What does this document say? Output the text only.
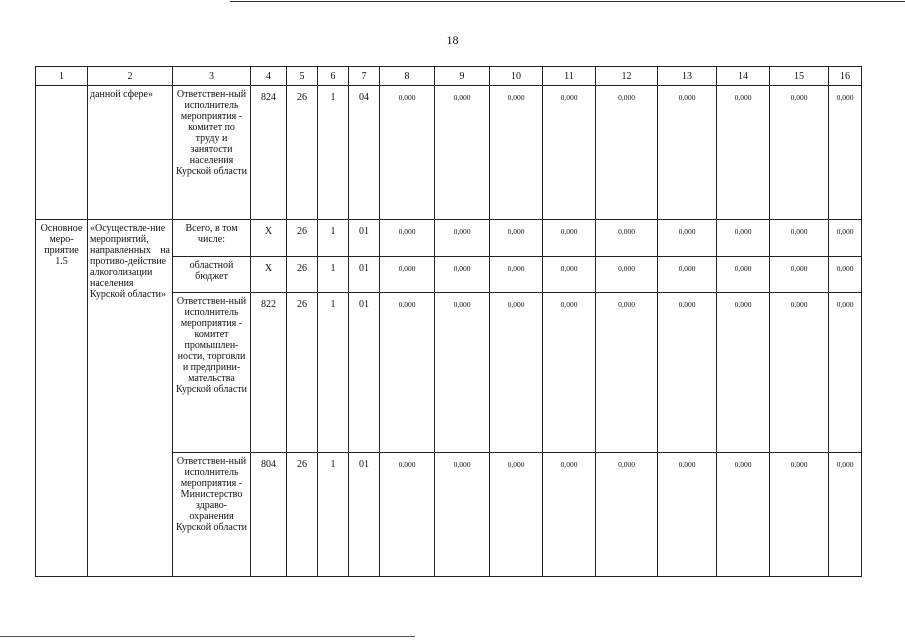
18
1	2	3	4	5	6	7	8	9	10	11	12	13	14	15	16
	данной сфере»	Ответствен-ный исполнитель мероприятия - комитет по труду и занятости населения Курской области	824	26	1	04	0,000	0,000	0,000	0,000	0,000	0,000	0,000	0,000	0,000
Основное меро-приятие 1.5	«Осуществле-ние мероприятий, направленных на противо-действие алкоголизации населения Курской области»	Всего, в том числе:	Х	26	1	01	0,000	0,000	0,000	0,000	0,000	0,000	0,000	0,000	0,000
		областной бюджет	Х	26	1	01	0,000	0,000	0,000	0,000	0,000	0,000	0,000	0,000	0,000
		Ответствен-ный исполнитель мероприятия - комитет промышлен-ности, торговли и предприни-мательства Курской области	822	26	1	01	0,000	0,000	0,000	0,000	0,000	0,000	0,000	0,000	0,000
		Ответствен-ный исполнитель мероприятия - Министерство здраво-охранения Курской области	804	26	1	01	0,000	0,000	0,000	0,000	0,000	0,000	0,000	0,000	0,000
